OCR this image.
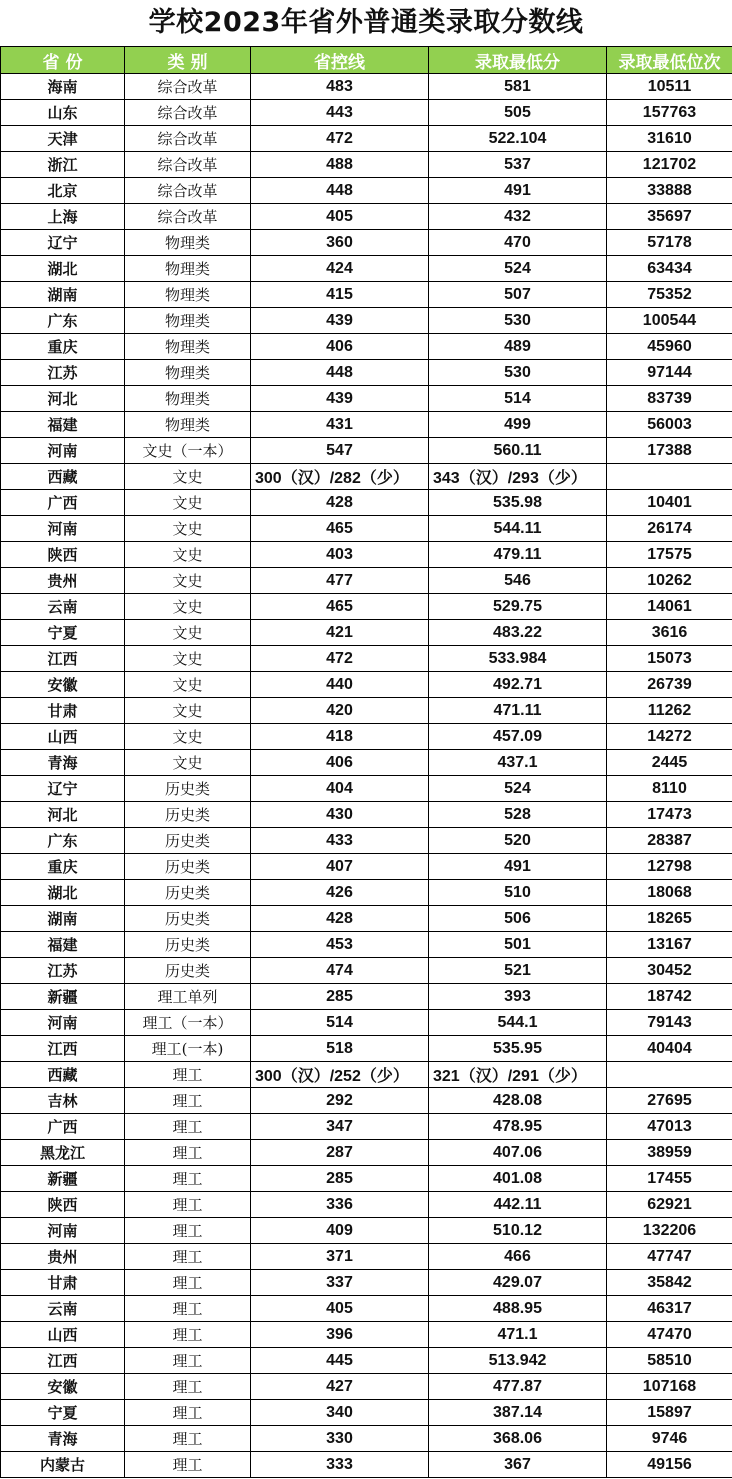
学校2023年省外普通类录取分数线
省 份	类 别	省控线	录取最低分	录取最低位次
海南	综合改革	483	581	10511
山东	综合改革	443	505	157763
天津	综合改革	472	522.104	31610
浙江	综合改革	488	537	121702
北京	综合改革	448	491	33888
上海	综合改革	405	432	35697
辽宁	物理类	360	470	57178
湖北	物理类	424	524	63434
湖南	物理类	415	507	75352
广东	物理类	439	530	100544
重庆	物理类	406	489	45960
江苏	物理类	448	530	97144
河北	物理类	439	514	83739
福建	物理类	431	499	56003
河南	文史（一本）	547	560.11	17388
西藏	文史	300（汉）/282（少）	343（汉）/293（少）	
广西	文史	428	535.98	10401
河南	文史	465	544.11	26174
陕西	文史	403	479.11	17575
贵州	文史	477	546	10262
云南	文史	465	529.75	14061
宁夏	文史	421	483.22	3616
江西	文史	472	533.984	15073
安徽	文史	440	492.71	26739
甘肃	文史	420	471.11	11262
山西	文史	418	457.09	14272
青海	文史	406	437.1	2445
辽宁	历史类	404	524	8110
河北	历史类	430	528	17473
广东	历史类	433	520	28387
重庆	历史类	407	491	12798
湖北	历史类	426	510	18068
湖南	历史类	428	506	18265
福建	历史类	453	501	13167
江苏	历史类	474	521	30452
新疆	理工单列	285	393	18742
河南	理工（一本）	514	544.1	79143
江西	理工(一本)	518	535.95	40404
西藏	理工	300（汉）/252（少）	321（汉）/291（少）	
吉林	理工	292	428.08	27695
广西	理工	347	478.95	47013
黑龙江	理工	287	407.06	38959
新疆	理工	285	401.08	17455
陕西	理工	336	442.11	62921
河南	理工	409	510.12	132206
贵州	理工	371	466	47747
甘肃	理工	337	429.07	35842
云南	理工	405	488.95	46317
山西	理工	396	471.1	47470
江西	理工	445	513.942	58510
安徽	理工	427	477.87	107168
宁夏	理工	340	387.14	15897
青海	理工	330	368.06	9746
内蒙古	理工	333	367	49156
